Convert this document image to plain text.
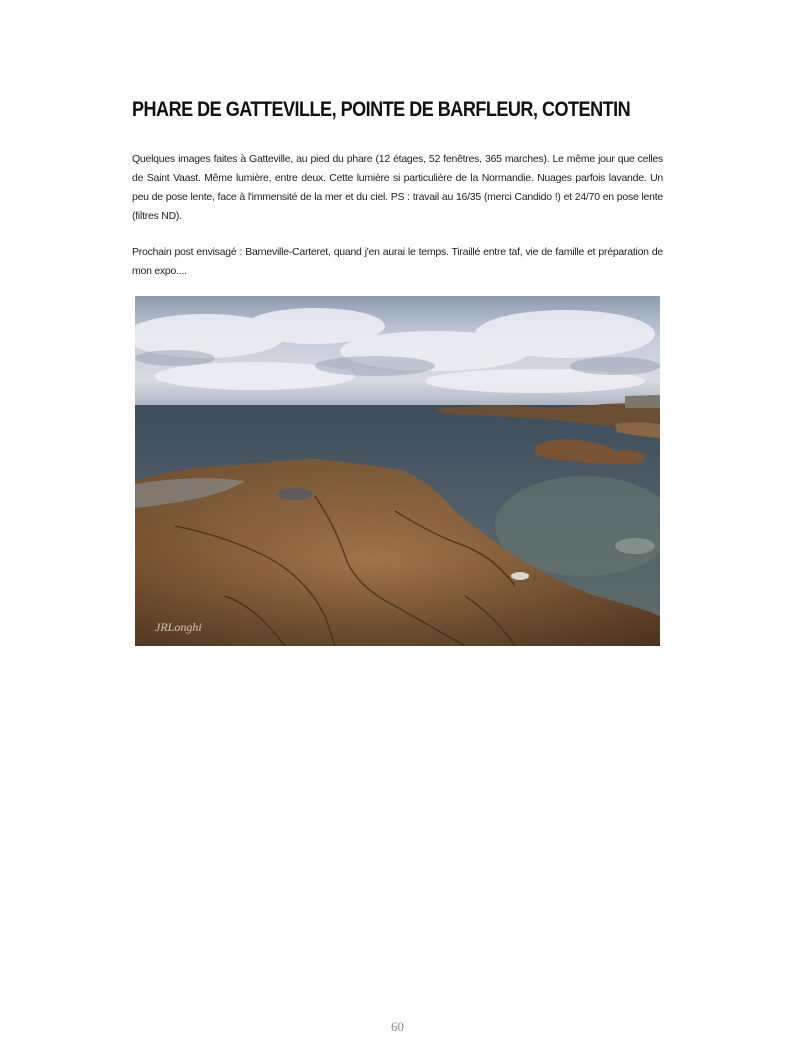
PHARE DE GATTEVILLE, POINTE DE BARFLEUR, COTENTIN

Quelques images faites à Gatteville, au pied du phare (12 étages, 52 fenêtres, 365 marches). Le même jour que celles de Saint Vaast. Même lumière, entre deux. Cette lumière si particulière de la Normandie. Nuages parfois lavande. Un peu de pose lente, face à l'immensité de la mer et du ciel. PS : travail au 16/35 (merci Candido !) et 24/70 en pose lente (filtres ND).

Prochain post envisagé : Barneville-Carteret, quand j'en aurai le temps. Tiraillé entre taf, vie de famille et préparation de mon expo....

JRLonghi
60
